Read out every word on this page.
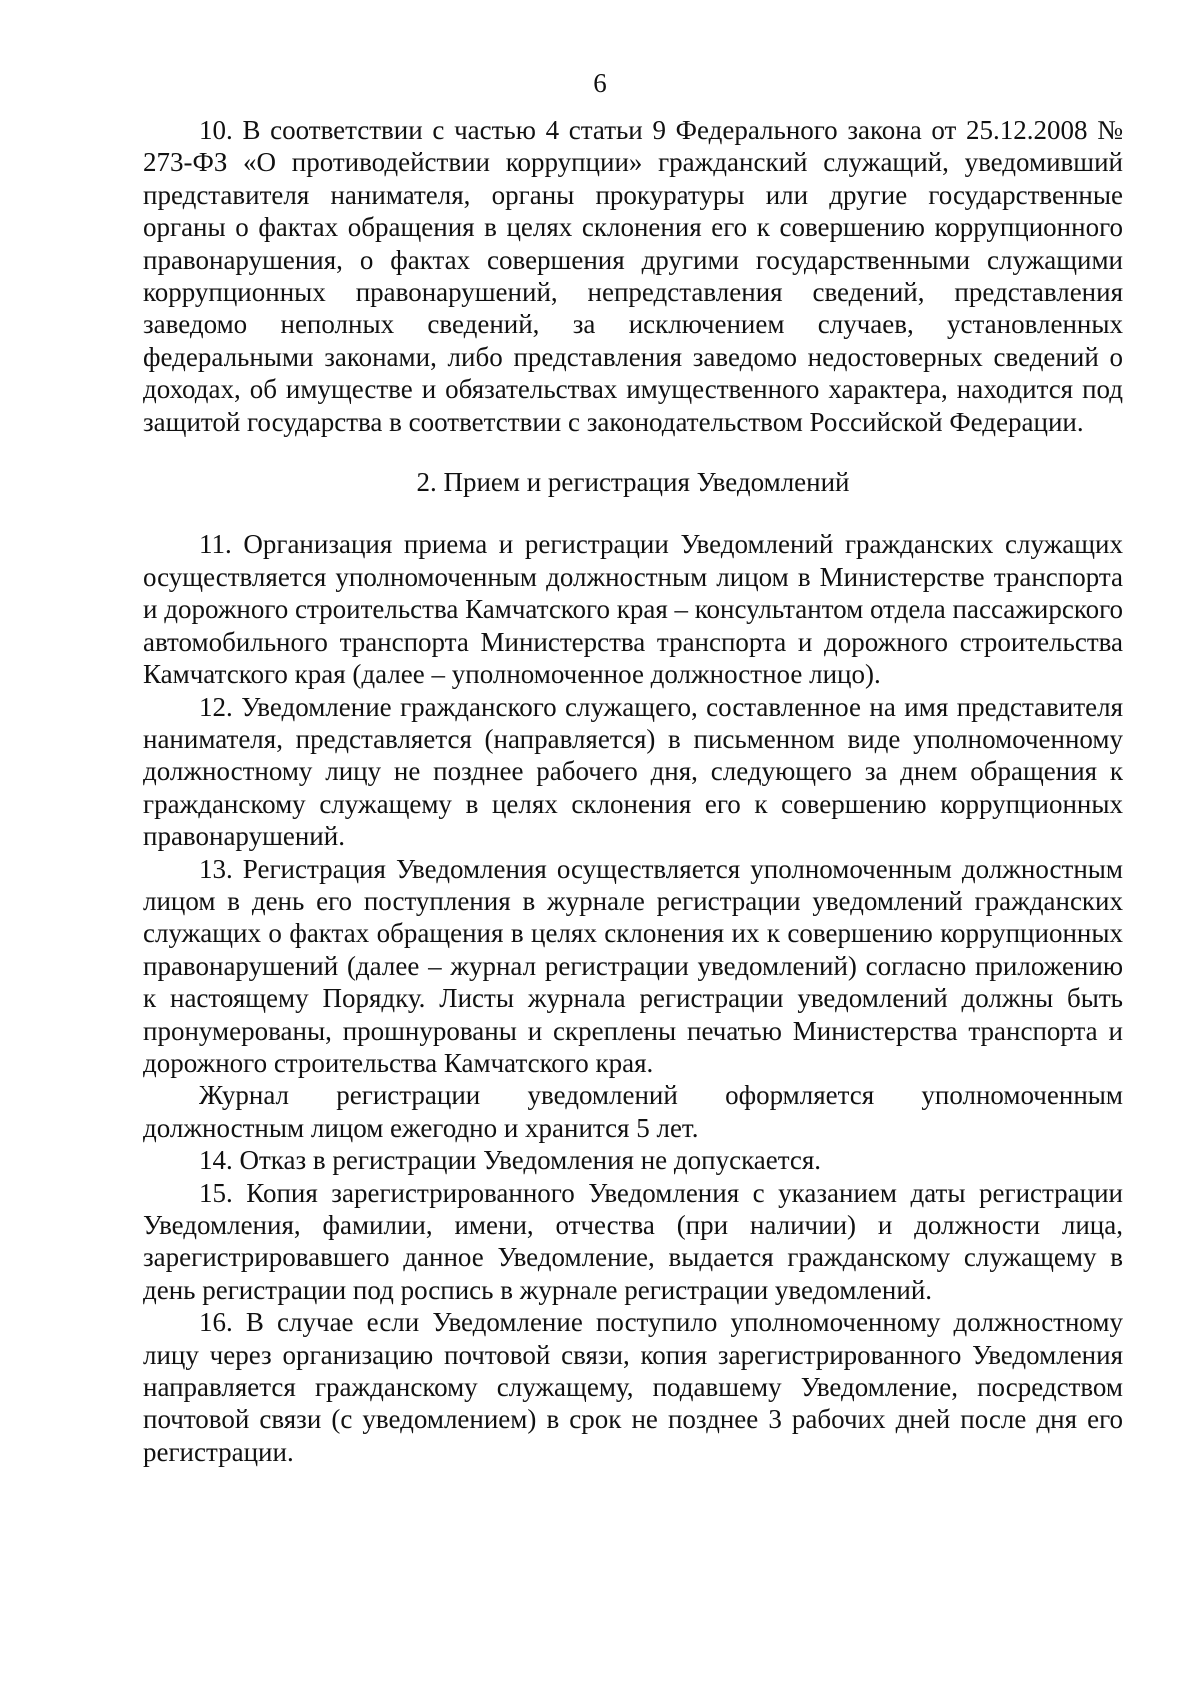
6

10. В соответствии с частью 4 статьи 9 Федерального закона от 25.12.2008 № 273-ФЗ «О противодействии коррупции» гражданский служащий, уведомивший представителя нанимателя, органы прокуратуры или другие государственные органы о фактах обращения в целях склонения его к совершению коррупционного правонарушения, о фактах совершения другими государственными служащими коррупционных правонарушений, непредставления сведений, представления заведомо неполных сведений, за исключением случаев, установленных федеральными законами, либо представления заведомо недостоверных сведений о доходах, об имуществе и обязательствах имущественного характера, находится под защитой государства в соответствии с законодательством Российской Федерации.

2. Прием и регистрация Уведомлений

11. Организация приема и регистрации Уведомлений гражданских служащих осуществляется уполномоченным должностным лицом в Министерстве транспорта и дорожного строительства Камчатского края – консультантом отдела пассажирского автомобильного транспорта Министерства транспорта и дорожного строительства Камчатского края (далее – уполномоченное должностное лицо).

12. Уведомление гражданского служащего, составленное на имя представителя нанимателя, представляется (направляется) в письменном виде уполномоченному должностному лицу не позднее рабочего дня, следующего за днем обращения к гражданскому служащему в целях склонения его к совершению коррупционных правонарушений.

13. Регистрация Уведомления осуществляется уполномоченным должностным лицом в день его поступления в журнале регистрации уведомлений гражданских служащих о фактах обращения в целях склонения их к совершению коррупционных правонарушений (далее – журнал регистрации уведомлений) согласно приложению к настоящему Порядку. Листы журнала регистрации уведомлений должны быть пронумерованы, прошнурованы и скреплены печатью Министерства транспорта и дорожного строительства Камчатского края.

Журнал регистрации уведомлений оформляется уполномоченным должностным лицом ежегодно и хранится 5 лет.

14. Отказ в регистрации Уведомления не допускается.

15. Копия зарегистрированного Уведомления с указанием даты регистрации Уведомления, фамилии, имени, отчества (при наличии) и должности лица, зарегистрировавшего данное Уведомление, выдается гражданскому служащему в день регистрации под роспись в журнале регистрации уведомлений.

16. В случае если Уведомление поступило уполномоченному должностному лицу через организацию почтовой связи, копия зарегистрированного Уведомления направляется гражданскому служащему, подавшему Уведомление, посредством почтовой связи (с уведомлением) в срок не позднее 3 рабочих дней после дня его регистрации.
